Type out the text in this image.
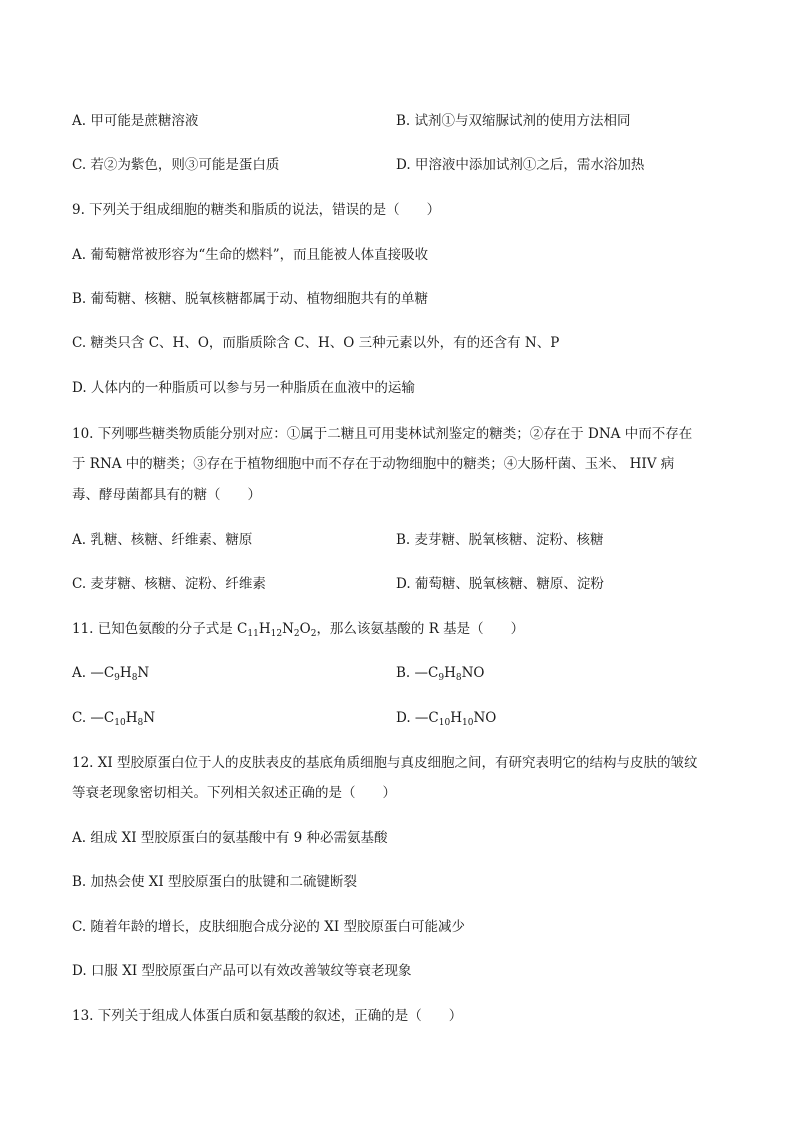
A. 甲可能是蔗糖溶液	B. 试剂①与双缩脲试剂的使用方法相同
C. 若②为紫色，则③可能是蛋白质	D. 甲溶液中添加试剂①之后，需水浴加热
9. 下列关于组成细胞的糖类和脂质的说法，错误的是（　　）
A. 葡萄糖常被形容为“生命的燃料”，而且能被人体直接吸收
B. 葡萄糖、核糖、脱氧核糖都属于动、植物细胞共有的单糖
C. 糖类只含 C、H、O，而脂质除含 C、H、O 三种元素以外，有的还含有 N、P
D. 人体内的一种脂质可以参与另一种脂质在血液中的运输
10. 下列哪些糖类物质能分别对应：①属于二糖且可用斐林试剂鉴定的糖类；②存在于 DNA 中而不存在
于 RNA 中的糖类；③存在于植物细胞中而不存在于动物细胞中的糖类；④大肠杆菌、玉米、 HIV 病
毒、酵母菌都具有的糖（　　）
A. 乳糖、核糖、纤维素、糖原	B. 麦芽糖、脱氧核糖、淀粉、核糖
C. 麦芽糖、核糖、淀粉、纤维素	D. 葡萄糖、脱氧核糖、糖原、淀粉
11. 已知色氨酸的分子式是 $C_{11}H_{12}N_2O_2$，那么该氨基酸的 R 基是（　　）
A. $—C_9H_8N$	B. $—C_9H_8NO$
C. $—C_{10}H_8N$	D. $—C_{10}H_{10}NO$
12. XI 型胶原蛋白位于人的皮肤表皮的基底角质细胞与真皮细胞之间，有研究表明它的结构与皮肤的皱纹
等衰老现象密切相关。下列相关叙述正确的是（　　）
A. 组成 XI 型胶原蛋白的氨基酸中有 9 种必需氨基酸
B. 加热会使 XI 型胶原蛋白的肽键和二硫键断裂
C. 随着年龄的增长，皮肤细胞合成分泌的 XI 型胶原蛋白可能减少
D. 口服 XI 型胶原蛋白产品可以有效改善皱纹等衰老现象
13. 下列关于组成人体蛋白质和氨基酸的叙述，正确的是（　　）
